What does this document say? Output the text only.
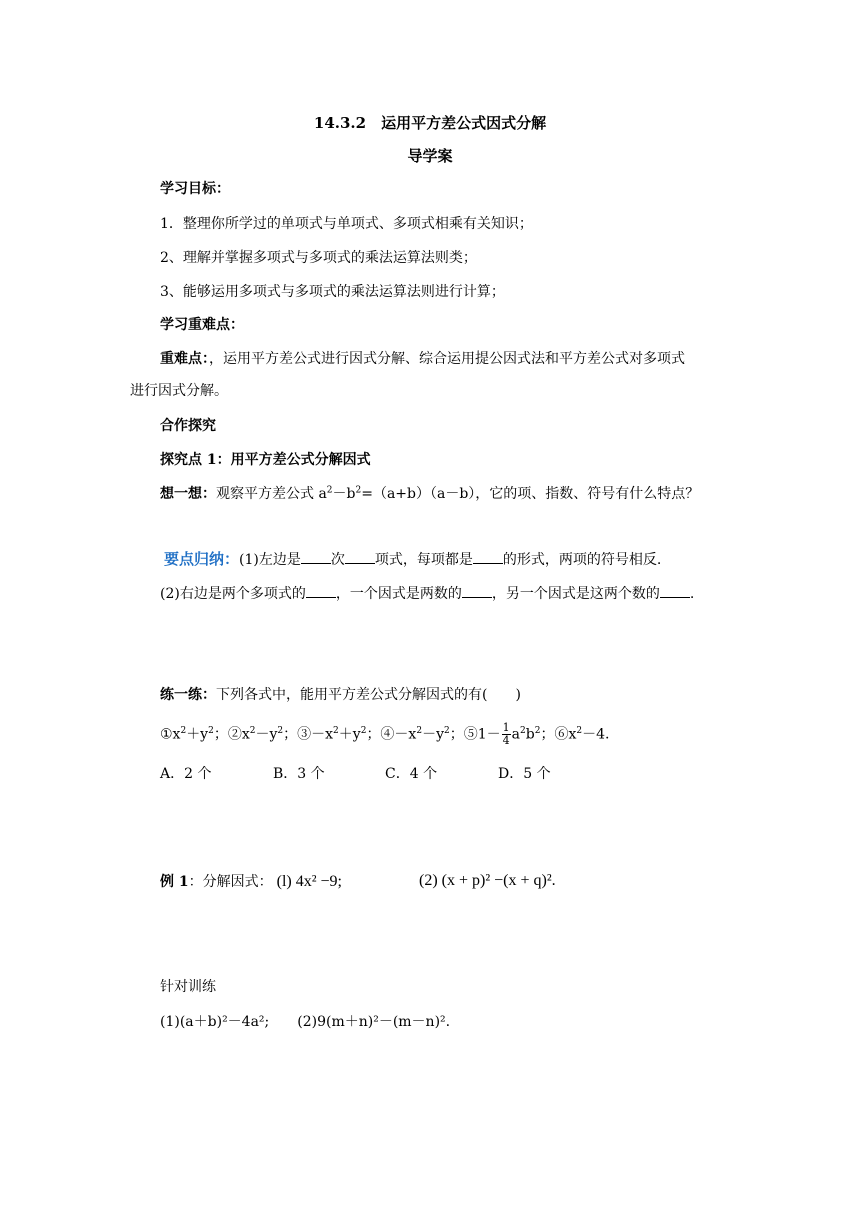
14.3.2　运用平方差公式因式分解
导学案
学习目标：
1．整理你所学过的单项式与单项式、多项式相乘有关知识；
2、理解并掌握多项式与多项式的乘法运算法则类；
3、能够运用多项式与多项式的乘法运算法则进行计算；
学习重难点：
重难点：，运用平方差公式进行因式分解、综合运用提公因式法和平方差公式对多项式
进行因式分解。
合作探究
探究点 1：用平方差公式分解因式
想一想：观察平方差公式 $a^2-b^2=(a+b)(a-b)$，它的项、指数、符号有什么特点？
要点归纳：(1)左边是 次 项式，每项都是 的形式，两项的符号相反.
(2)右边是两个多项式的 ，一个因式是两数的 ，另一个因式是这两个数的 .
练一练：下列各式中，能用平方差公式分解因式的有(　　)
$①x^2+y^2$；$②x^2-y^2$；$③-x^2+y^2$；$④-x^2-y^2$；⑤1－ $\frac{1}{4} a^2b^2$；$⑥x^2-4$.
A．2 个	B．3 个	C．4 个	D．5 个
例 1：分解因式： (l) 4x² −9;	(2) (x + p)² −(x + q)².
针对训练
(1)(a＋b)²－4a²;　　(2)9(m＋n)²－(m－n)².
